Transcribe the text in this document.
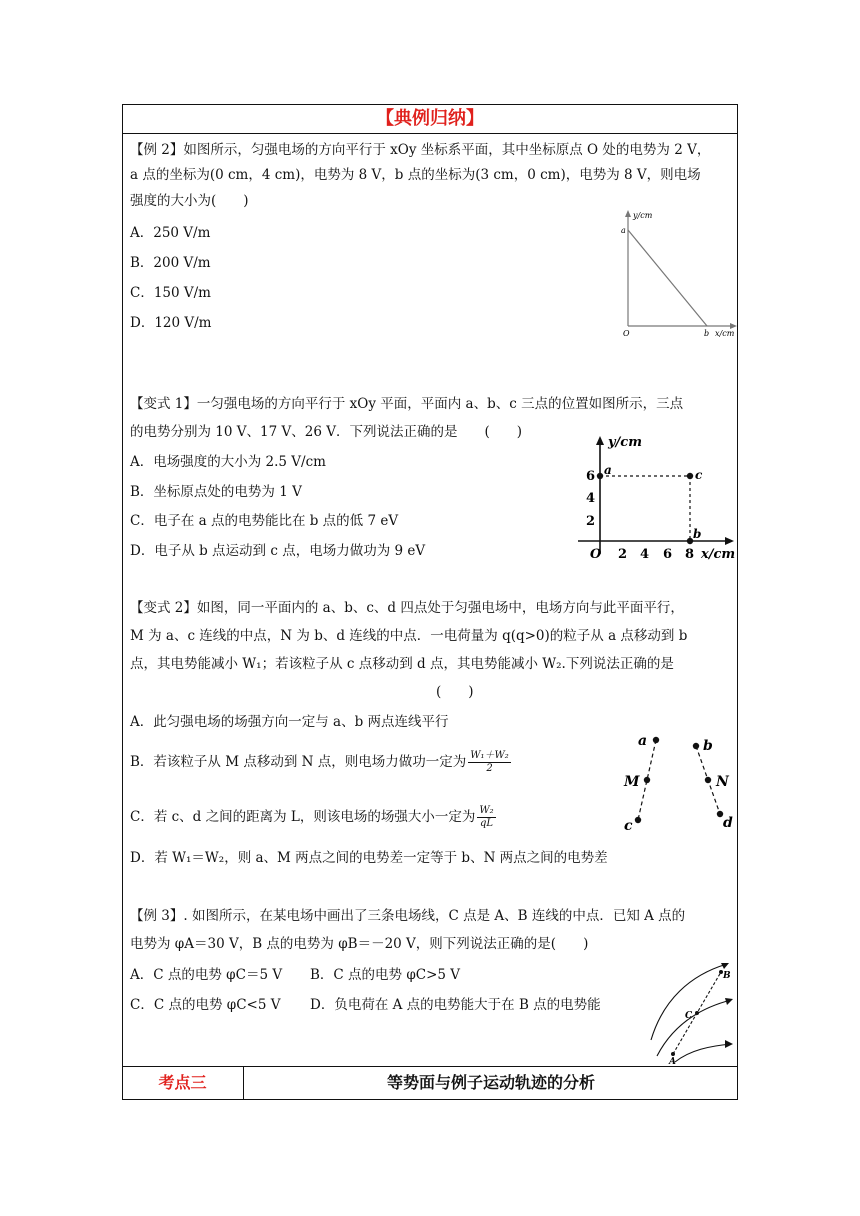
【典例归纳】
【例 2】如图所示，匀强电场的方向平行于 xOy 坐标系平面，其中坐标原点 O 处的电势为 2 V，
a 点的坐标为(0 cm，4 cm)，电势为 8 V，b 点的坐标为(3 cm，0 cm)，电势为 8 V，则电场
强度的大小为(　　)
A．250 V/m
B．200 V/m
C．150 V/m
D．120 V/m
y/cm
a
O	b x/cm
【变式 1】一匀强电场的方向平行于 xOy 平面，平面内 a、b、c 三点的位置如图所示，三点
的电势分别为 10 V、17 V、26 V．下列说法正确的是　　(　　)
A．电场强度的大小为 2.5 V/cm
B．坐标原点处的电势为 1 V
C．电子在 a 点的电势能比在 b 点的低 7 eV
D．电子从 b 点运动到 c 点，电场力做功为 9 eV
y/cm
6
4
2
O 2 4 6 8 x/cm
a	c
b
【变式 2】如图，同一平面内的 a、b、c、d 四点处于匀强电场中，电场方向与此平面平行，
M 为 a、c 连线的中点，N 为 b、d 连线的中点．一电荷量为 q(q>0)的粒子从 a 点移动到 b
点，其电势能减小 W₁；若该粒子从 c 点移动到 d 点，其电势能减小 W₂.下列说法正确的是
(　　)
A．此匀强电场的场强方向一定与 a、b 两点连线平行
B．若该粒子从 M 点移动到 N 点，则电场力做功一定为 $\frac{\text{W₁＋W₂}}{2}$
C．若 c、d 之间的距离为 L，则该电场的场强大小一定为 $\frac{\text{W₂}}{qL}$
D．若 W₁＝W₂，则 a、M 两点之间的电势差一定等于 b、N 两点之间的电势差
a
M
c
b
N
d
【例 3】. 如图所示，在某电场中画出了三条电场线，C 点是 A、B 连线的中点．已知 A 点的
电势为 φA＝30 V，B 点的电势为 φB＝－20 V，则下列说法正确的是(　　)
A．C 点的电势 φC＝5 V B．C 点的电势 φC>5 V
C．C 点的电势 φC<5 V D．负电荷在 A 点的电势能大于在 B 点的电势能
B
C
A
考点三	等势面与例子运动轨迹的分析
